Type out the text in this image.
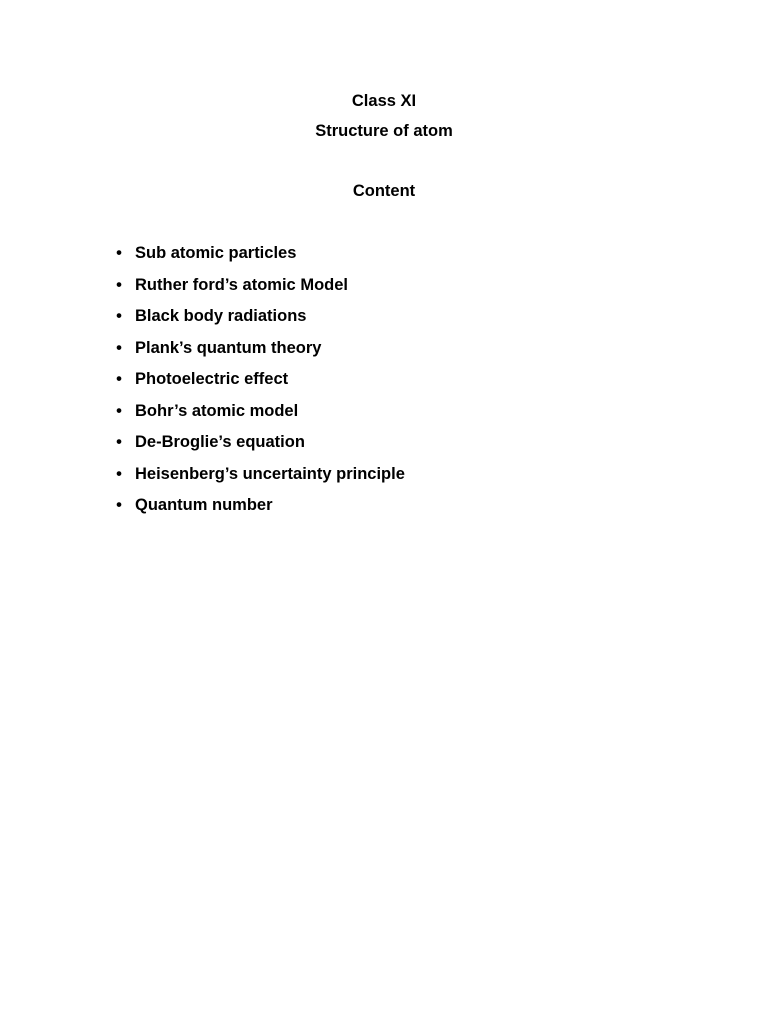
Class XI

Structure of atom

Content

• Sub atomic particles
• Ruther ford’s atomic Model
• Black body radiations
• Plank’s quantum theory
• Photoelectric effect
• Bohr’s atomic model
• De-Broglie’s equation
• Heisenberg’s uncertainty principle
• Quantum number
